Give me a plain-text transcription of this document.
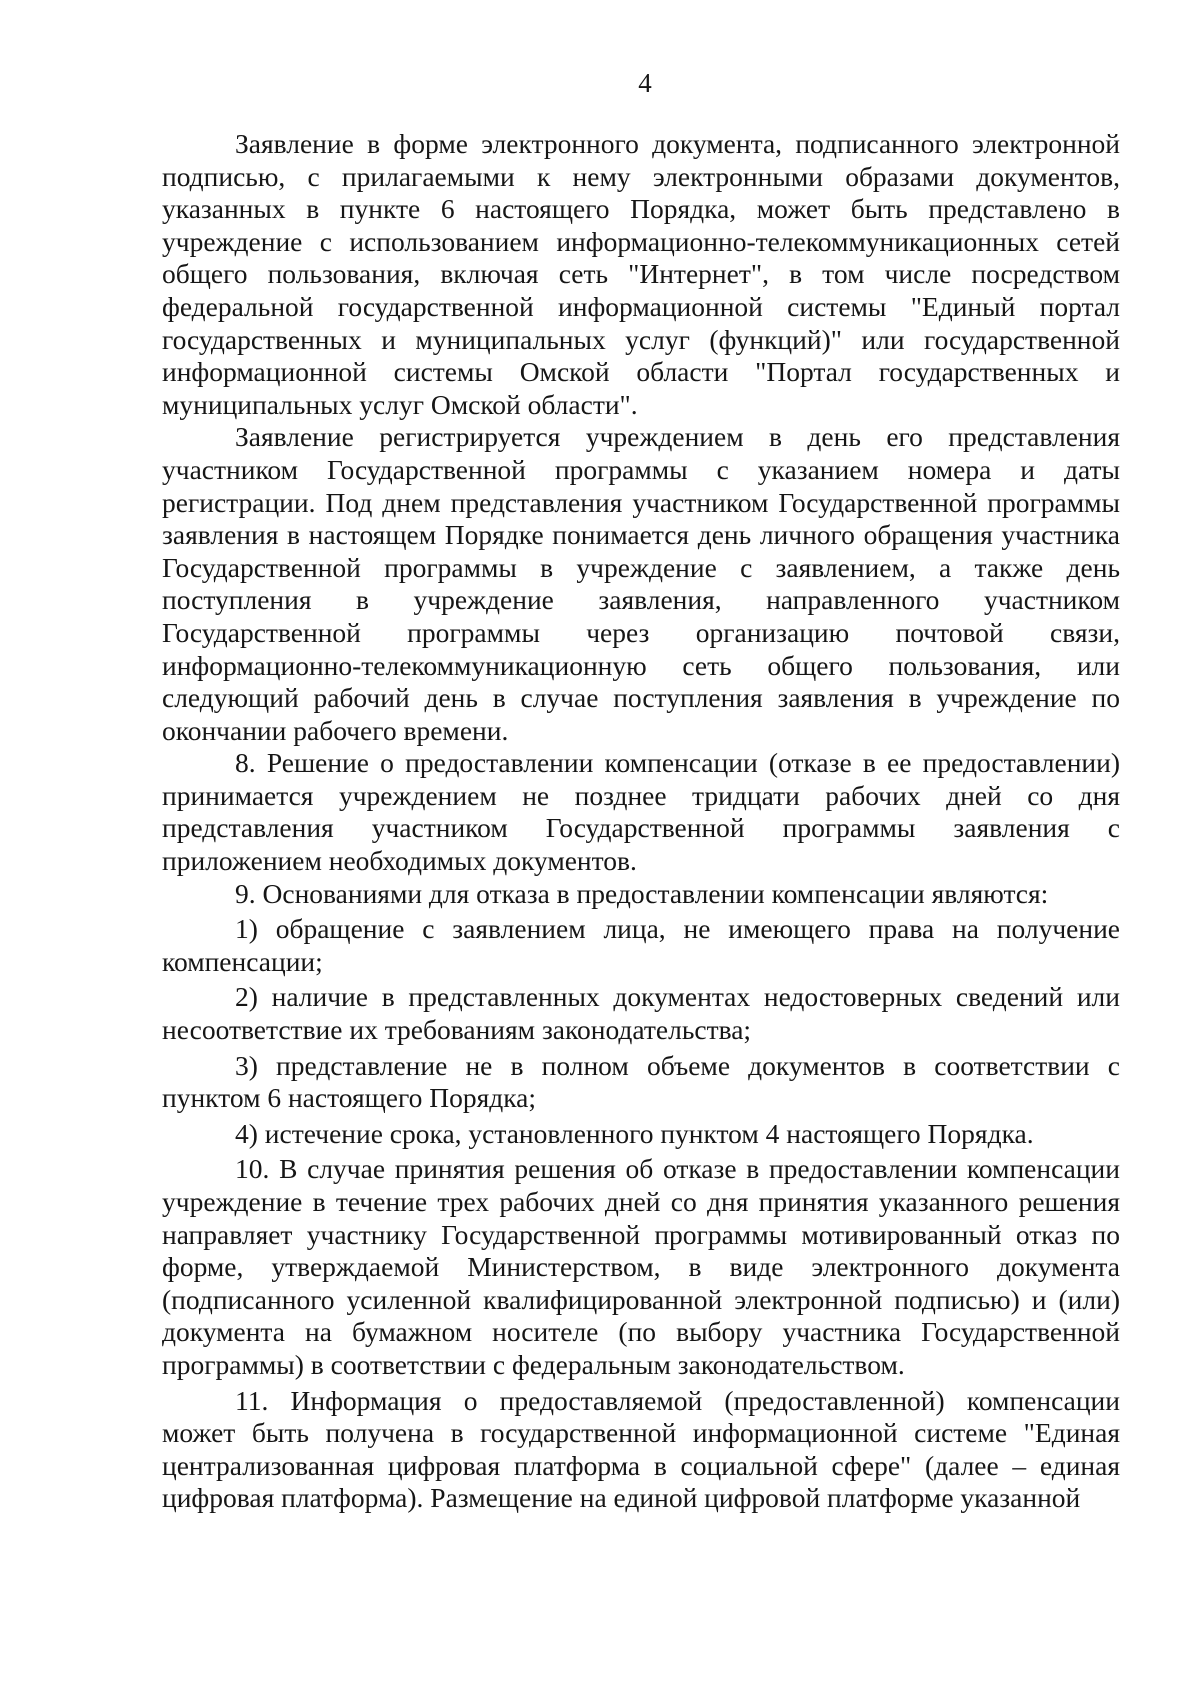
4

Заявление в форме электронного документа, подписанного электронной подписью, с прилагаемыми к нему электронными образами документов, указанных в пункте 6 настоящего Порядка, может быть представлено в учреждение с использованием информационно-телекоммуникационных сетей общего пользования, включая сеть "Интернет", в том числе посредством федеральной государственной информационной системы "Единый портал государственных и муниципальных услуг (функций)" или государственной информационной системы Омской области "Портал государственных и муниципальных услуг Омской области".

Заявление регистрируется учреждением в день его представления участником Государственной программы с указанием номера и даты регистрации. Под днем представления участником Государственной программы заявления в настоящем Порядке понимается день личного обращения участника Государственной программы в учреждение с заявлением, а также день поступления в учреждение заявления, направленного участником Государственной программы через организацию почтовой связи, информационно-телекоммуникационную сеть общего пользования, или следующий рабочий день в случае поступления заявления в учреждение по окончании рабочего времени.

8. Решение о предоставлении компенсации (отказе в ее предоставлении) принимается учреждением не позднее тридцати рабочих дней со дня представления участником Государственной программы заявления с приложением необходимых документов.

9. Основаниями для отказа в предоставлении компенсации являются:

1) обращение с заявлением лица, не имеющего права на получение компенсации;

2) наличие в представленных документах недостоверных сведений или несоответствие их требованиям законодательства;

3) представление не в полном объеме документов в соответствии с пунктом 6 настоящего Порядка;

4) истечение срока, установленного пунктом 4 настоящего Порядка.

10. В случае принятия решения об отказе в предоставлении компенсации учреждение в течение трех рабочих дней со дня принятия указанного решения направляет участнику Государственной программы мотивированный отказ по форме, утверждаемой Министерством, в виде электронного документа (подписанного усиленной квалифицированной электронной подписью) и (или) документа на бумажном носителе (по выбору участника Государственной программы) в соответствии с федеральным законодательством.

11. Информация о предоставляемой (предоставленной) компенсации может быть получена в государственной информационной системе "Единая централизованная цифровая платформа в социальной сфере" (далее – единая цифровая платформа). Размещение на единой цифровой платформе указанной
